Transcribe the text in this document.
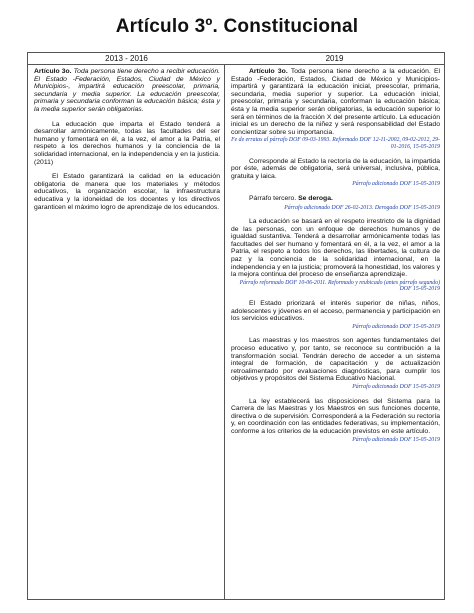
Artículo 3º. Constitucional
2013 - 2016	2019

Artículo 3o. Toda persona tiene derecho a recibir educación. El Estado -Federación, Estados, Ciudad de México y Municipios-, impartirá educación preescolar, primaria, secundaria y media superior. La educación preescolar, primaria y secundaria conforman la educación básica; ésta y la media superior serán obligatorias.

La educación que imparta el Estado tenderá a desarrollar armónicamente, todas las facultades del ser humano y fomentará en él, a la vez, el amor a la Patria, el respeto a los derechos humanos y la conciencia de la solidaridad internacional, en la independencia y en la justicia. (2011)

El Estado garantizará la calidad en la educación obligatoria de manera que los materiales y métodos educativos, la organización escolar, la infraestructura educativa y la idoneidad de los docentes y los directivos garanticen el máximo logro de aprendizaje de los educandos.

Artículo 3o. Toda persona tiene derecho a la educación. El Estado -Federación, Estados, Ciudad de México y Municipios- impartirá y garantizará la educación inicial, preescolar, primaria, secundaria, media superior y superior. La educación inicial, preescolar, primaria y secundaria, conforman la educación básica; ésta y la media superior serán obligatorias, la educación superior lo será en términos de la fracción X del presente artículo. La educación inicial es un derecho de la niñez y será responsabilidad del Estado concientizar sobre su importancia.

Fe de erratas al párrafo DOF 09-03-1993. Reformado DOF 12-11-2002, 09-02-2012, 29-01-2016, 15-05-2019

Corresponde al Estado la rectoría de la educación, la impartida por éste, además de obligatoria, será universal, inclusiva, pública, gratuita y laica.

Párrafo adicionado DOF 15-05-2019

Párrafo tercero. Se deroga.

Párrafo adicionado DOF 26-02-2013. Derogado DOF 15-05-2019

La educación se basará en el respeto irrestricto de la dignidad de las personas, con un enfoque de derechos humanos y de igualdad sustantiva. Tenderá a desarrollar armónicamente todas las facultades del ser humano y fomentará en él, a la vez, el amor a la Patria, el respeto a todos los derechos, las libertades, la cultura de paz y la conciencia de la solidaridad internacional, en la independencia y en la justicia; promoverá la honestidad, los valores y la mejora continua del proceso de enseñanza aprendizaje.

Párrafo reformado DOF 10-06-2011. Reformado y reubicado (antes párrafo segundo) DOF 15-05-2019

El Estado priorizará el interés superior de niñas, niños, adolescentes y jóvenes en el acceso, permanencia y participación en los servicios educativos.

Párrafo adicionado DOF 15-05-2019

Las maestras y los maestros son agentes fundamentales del proceso educativo y, por tanto, se reconoce su contribución a la transformación social. Tendrán derecho de acceder a un sistema integral de formación, de capacitación y de actualización retroalimentado por evaluaciones diagnósticas, para cumplir los objetivos y propósitos del Sistema Educativo Nacional.

Párrafo adicionado DOF 15-05-2019

La ley establecerá las disposiciones del Sistema para la Carrera de las Maestras y los Maestros en sus funciones docente, directiva o de supervisión. Corresponderá a la Federación su rectoría y, en coordinación con las entidades federativas, su implementación, conforme a los criterios de la educación previstos en este artículo.

Párrafo adicionado DOF 15-05-2019
